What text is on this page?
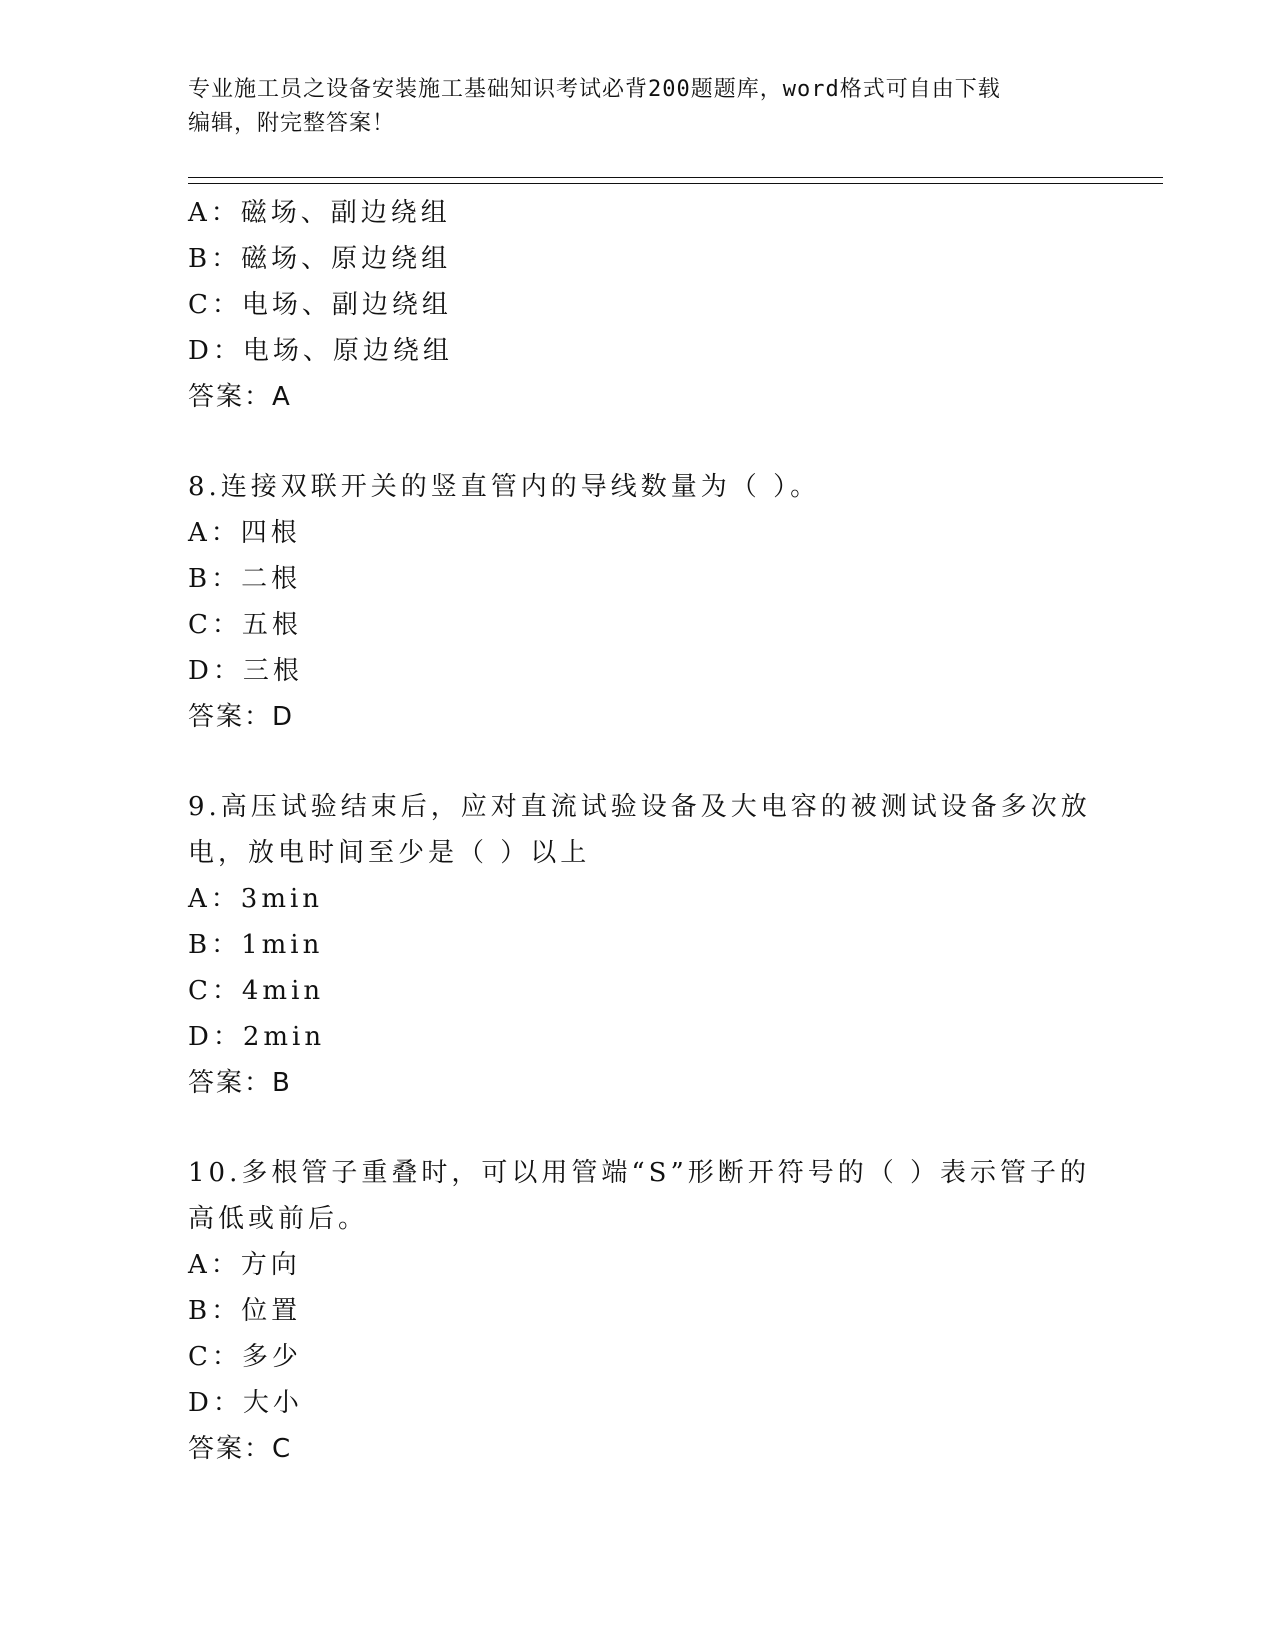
专业施工员之设备安装施工基础知识考试必背200题题库，word格式可自由下载
编辑，附完整答案！
A：磁场、副边绕组
B：磁场、原边绕组
C：电场、副边绕组
D：电场、原边绕组
答案：A
8.连接双联开关的竖直管内的导线数量为（ ）。
A：四根
B：二根
C：五根
D：三根
答案：D
9.高压试验结束后，应对直流试验设备及大电容的被测试设备多次放
电，放电时间至少是（ ）以上
A：3min
B：1min
C：4min
D：2min
答案：B
10.多根管子重叠时，可以用管端“S”形断开符号的（ ）表示管子的
高低或前后。
A：方向
B：位置
C：多少
D：大小
答案：C
